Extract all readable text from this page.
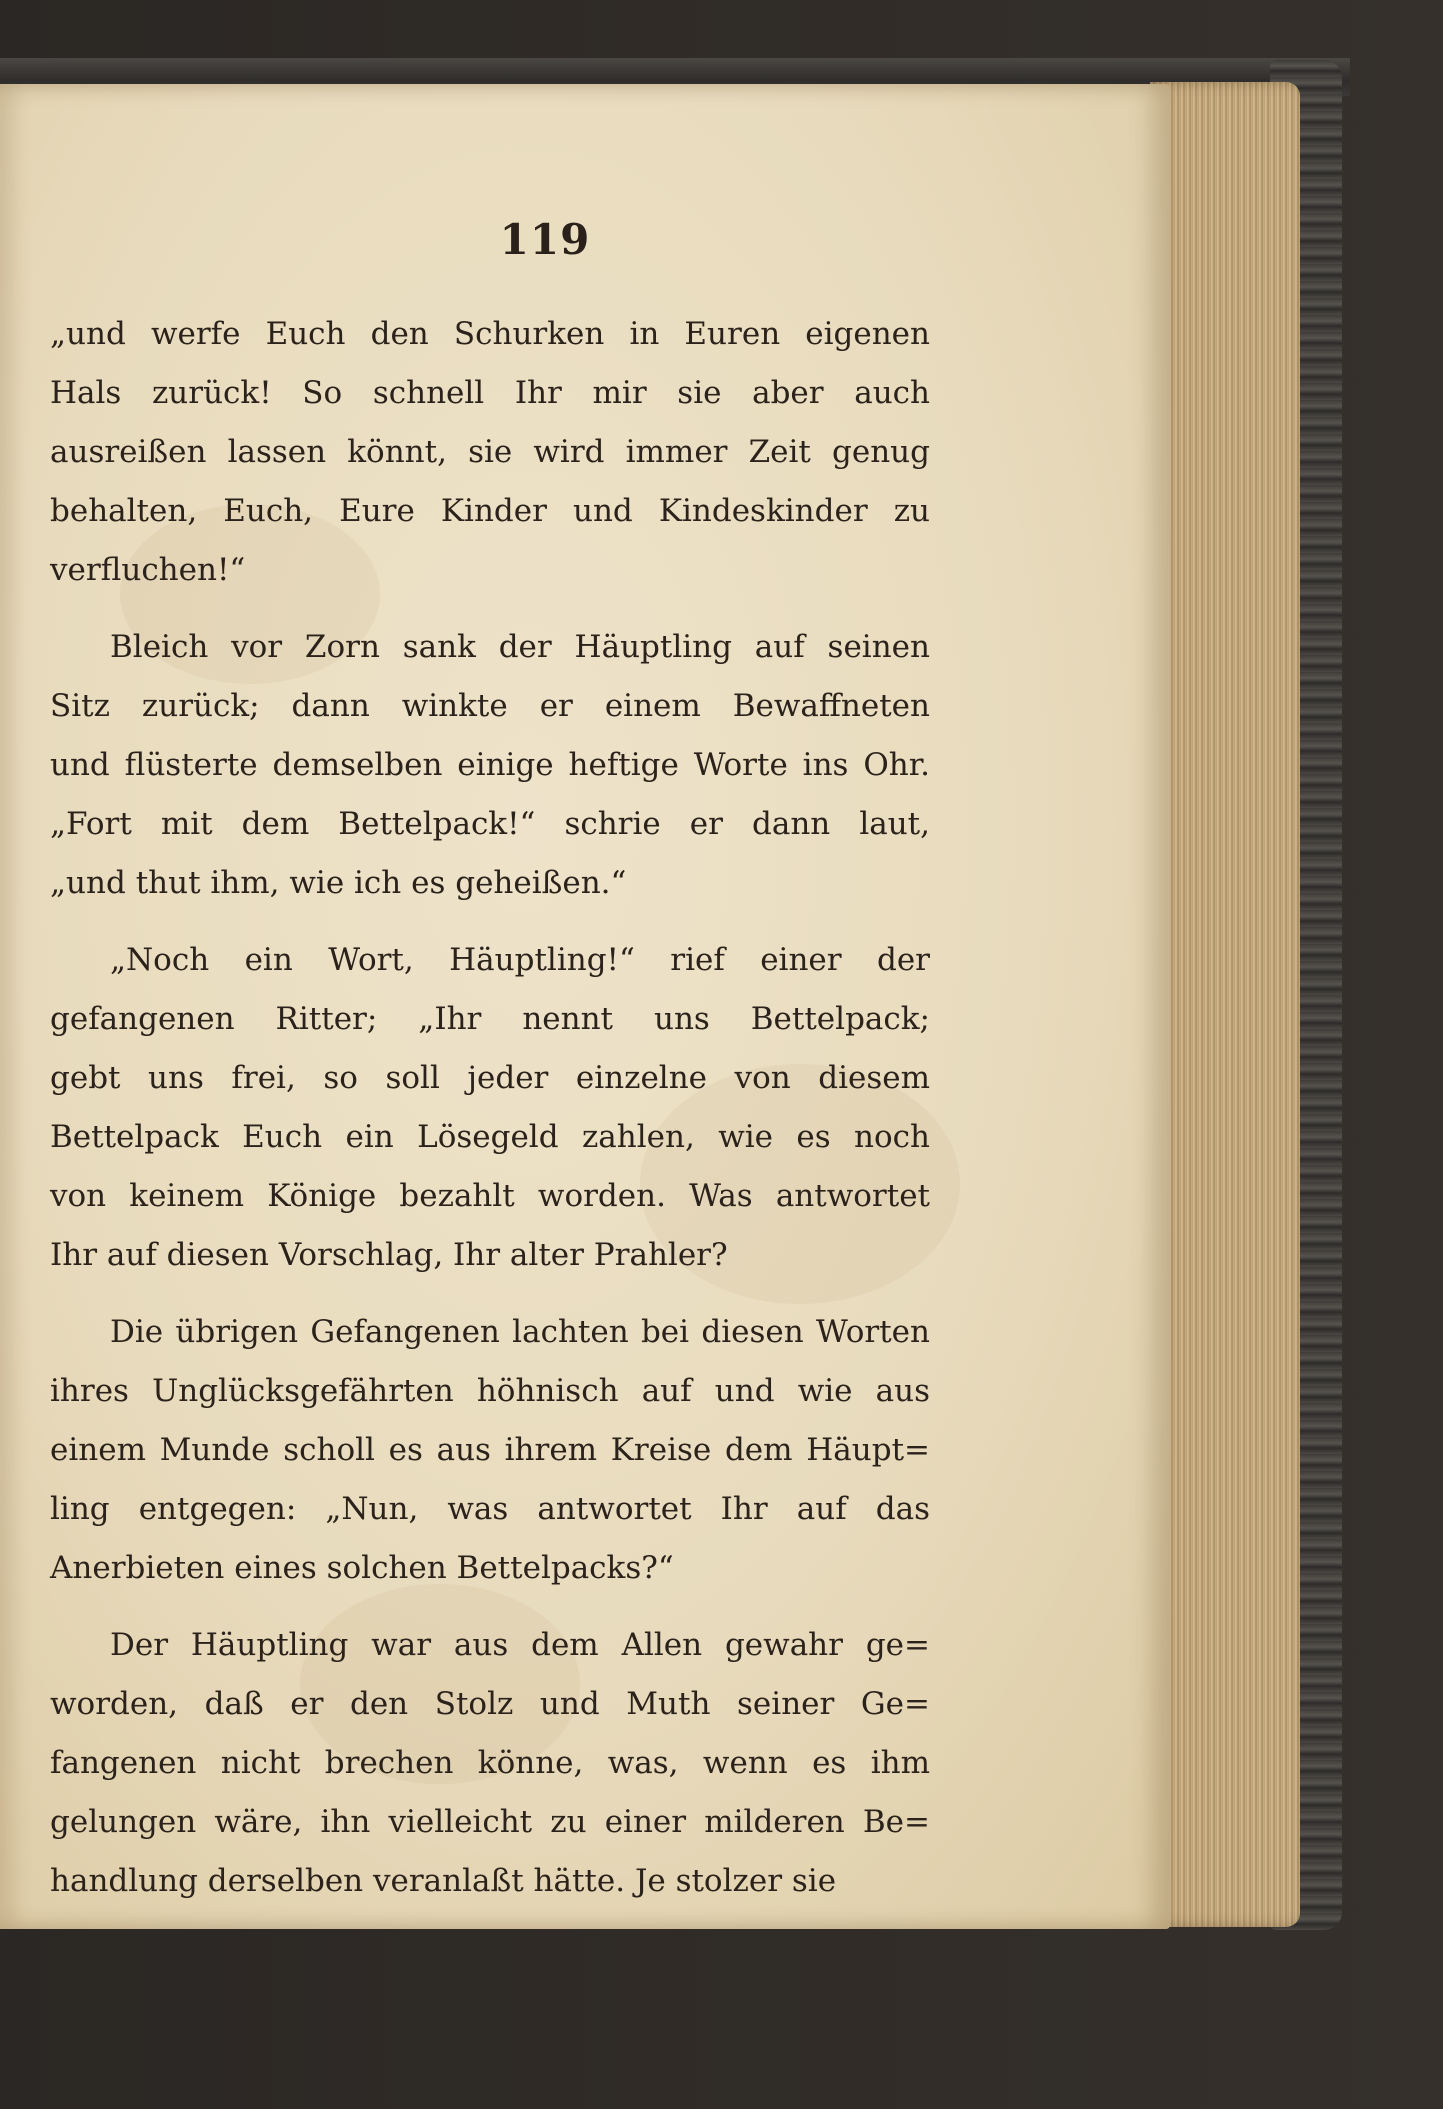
119
„und werfe Euch den Schurken in Euren eigenen
Hals zurück! So schnell Ihr mir sie aber auch
ausreißen lassen könnt, sie wird immer Zeit genug
behalten, Euch, Eure Kinder und Kindeskinder zu
verfluchen!“
Bleich vor Zorn sank der Häuptling auf seinen
Sitz zurück; dann winkte er einem Bewaffneten
und flüsterte demselben einige heftige Worte ins Ohr.
„Fort mit dem Bettelpack!“ schrie er dann laut,
„und thut ihm, wie ich es geheißen.“
„Noch ein Wort, Häuptling!“ rief einer der
gefangenen Ritter; „Ihr nennt uns Bettelpack;
gebt uns frei, so soll jeder einzelne von diesem
Bettelpack Euch ein Lösegeld zahlen, wie es noch
von keinem Könige bezahlt worden. Was antwortet
Ihr auf diesen Vorschlag, Ihr alter Prahler?
Die übrigen Gefangenen lachten bei diesen Worten
ihres Unglücksgefährten höhnisch auf und wie aus
einem Munde scholl es aus ihrem Kreise dem Häupt=
ling entgegen: „Nun, was antwortet Ihr auf das
Anerbieten eines solchen Bettelpacks?“
Der Häuptling war aus dem Allen gewahr ge=
worden, daß er den Stolz und Muth seiner Ge=
fangenen nicht brechen könne, was, wenn es ihm
gelungen wäre, ihn vielleicht zu einer milderen Be=
handlung derselben veranlaßt hätte. Je stolzer sie
